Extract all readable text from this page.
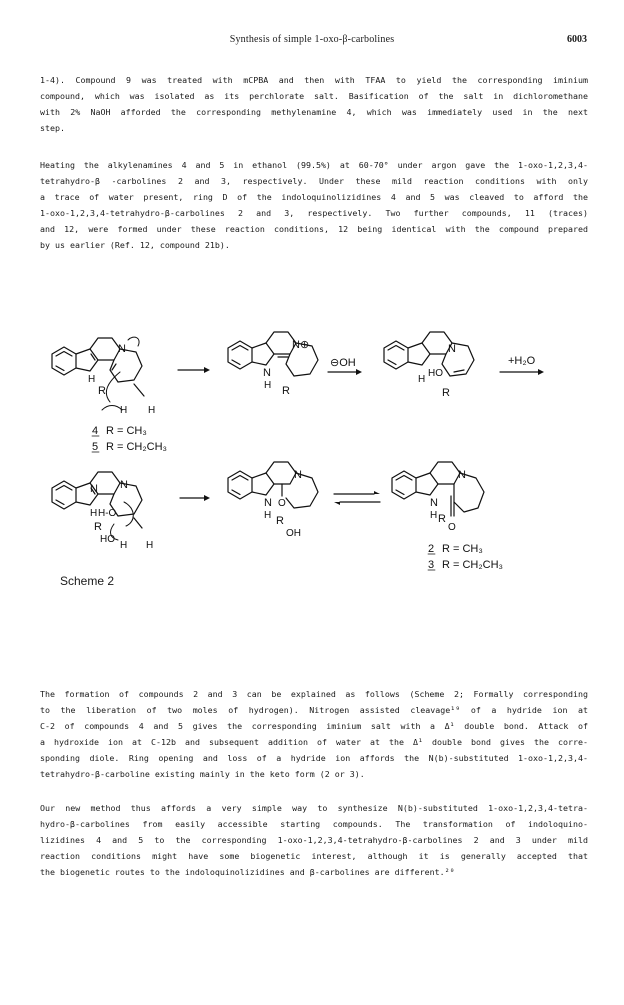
Synthesis of simple 1-oxo-β-carbolines	6003
1-4). Compound 9 was treated with mCPBA and then with TFAA to yield the corresponding iminium
compound, which was isolated as its perchlorate salt. Basification of the salt in dichloromethane
with 2% NaOH afforded the corresponding methylenamine 4, which was immediately used in the next
step.
Heating the alkylenamines 4 and 5 in ethanol (99.5%) at 60-70° under argon gave the 1-oxo-1,2,3,4-
tetrahydro-β -carbolines 2 and 3, respectively. Under these mild reaction conditions with only
a trace of water present, ring D of the indoloquinolizidines 4 and 5 was cleaved to afford the
1-oxo-1,2,3,4-tetrahydro-β-carbolines 2 and 3, respectively. Two further compounds, 11 (traces)
and 12, were formed under these reaction conditions, 12 being identical with the compound prepared
by us earlier (Ref. 12, compound 21b).
N
H
R
H H
4 R = CH₃
5 R = CH₂CH₃
N
H
N⊕
R
⊖OH
N
H
HO
R
+H₂O
N N
H H-O
R
HO
H H
N
H
N
O
R
OH
N
H
N
R
O
2 R = CH₃
3 R = CH₂CH₃
Scheme 2
The formation of compounds 2 and 3 can be explained as follows (Scheme 2; Formally corresponding
to the liberation of two moles of hydrogen). Nitrogen assisted cleavage¹⁹ of a hydride ion at
C-2 of compounds 4 and 5 gives the corresponding iminium salt with a Δ¹ double bond. Attack of
a hydroxide ion at C-12b and subsequent addition of water at the Δ¹ double bond gives the corre-
sponding diole. Ring opening and loss of a hydride ion affords the N(b)-substituted 1-oxo-1,2,3,4-
tetrahydro-β-carboline existing mainly in the keto form (2 or 3).
Our new method thus affords a very simple way to synthesize N(b)-substituted 1-oxo-1,2,3,4-tetra-
hydro-β-carbolines from easily accessible starting compounds. The transformation of indoloquino-
lizidines 4 and 5 to the corresponding 1-oxo-1,2,3,4-tetrahydro-β-carbolines 2 and 3 under mild
reaction conditions might have some biogenetic interest, although it is generally accepted that
the biogenetic routes to the indoloquinolizidines and β-carbolines are different.²⁰
